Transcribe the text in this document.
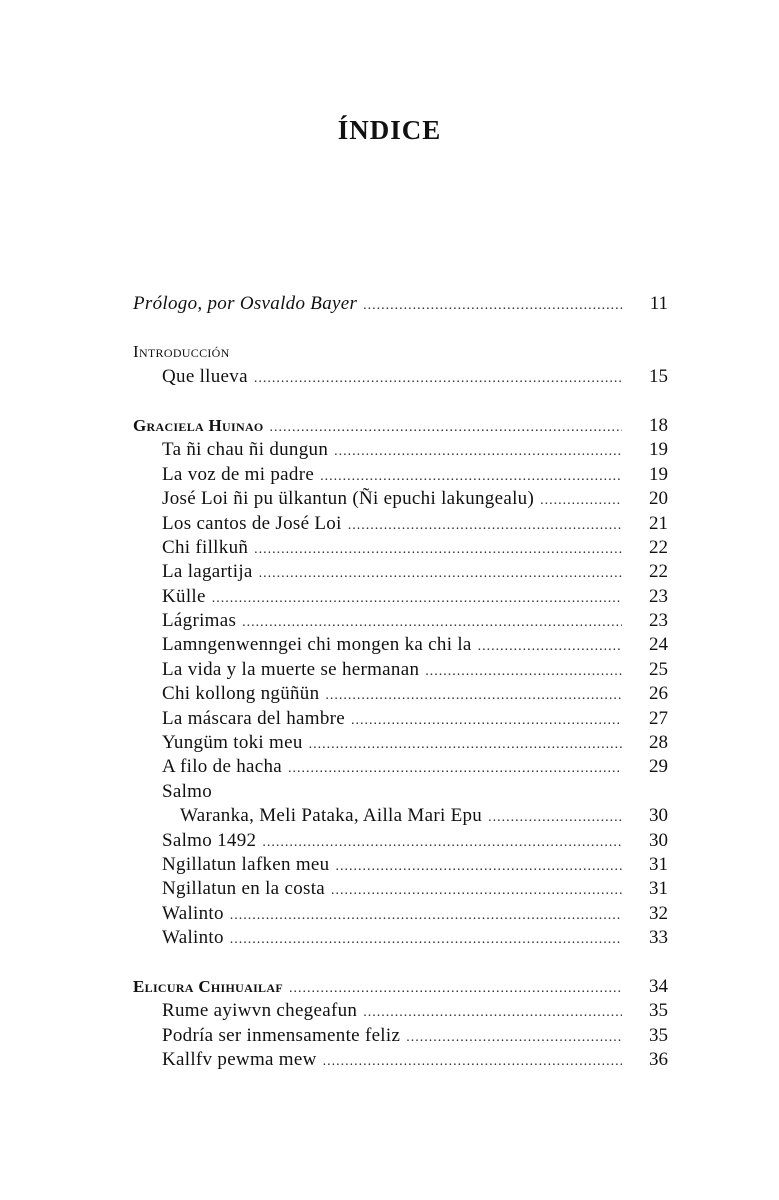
ÍNDICE
Prólogo, por Osvaldo Bayer .....	11
Introducción
Que llueva .....	15
Graciela Huinao .....	18
Ta ñi chau ñi dungun .....	19
La voz de mi padre .....	19
José Loi ñi pu ülkantun (Ñi epuchi lakungealu) .....	20
Los cantos de José Loi .....	21
Chi fillkuñ .....	22
La lagartija .....	22
Külle .....	23
Lágrimas .....	23
Lamngenwenngei chi mongen ka chi la .....	24
La vida y la muerte se hermanan .....	25
Chi kollong ngüñün .....	26
La máscara del hambre .....	27
Yungüm toki meu .....	28
A filo de hacha .....	29
Salmo
Waranka, Meli Pataka, Ailla Mari Epu .....	30
Salmo 1492 .....	30
Ngillatun lafken meu .....	31
Ngillatun en la costa .....	31
Walinto .....	32
Walinto .....	33
Elicura Chihuailaf .....	34
Rume ayiwvn chegeafun .....	35
Podría ser inmensamente feliz .....	35
Kallfv pewma mew .....	36
